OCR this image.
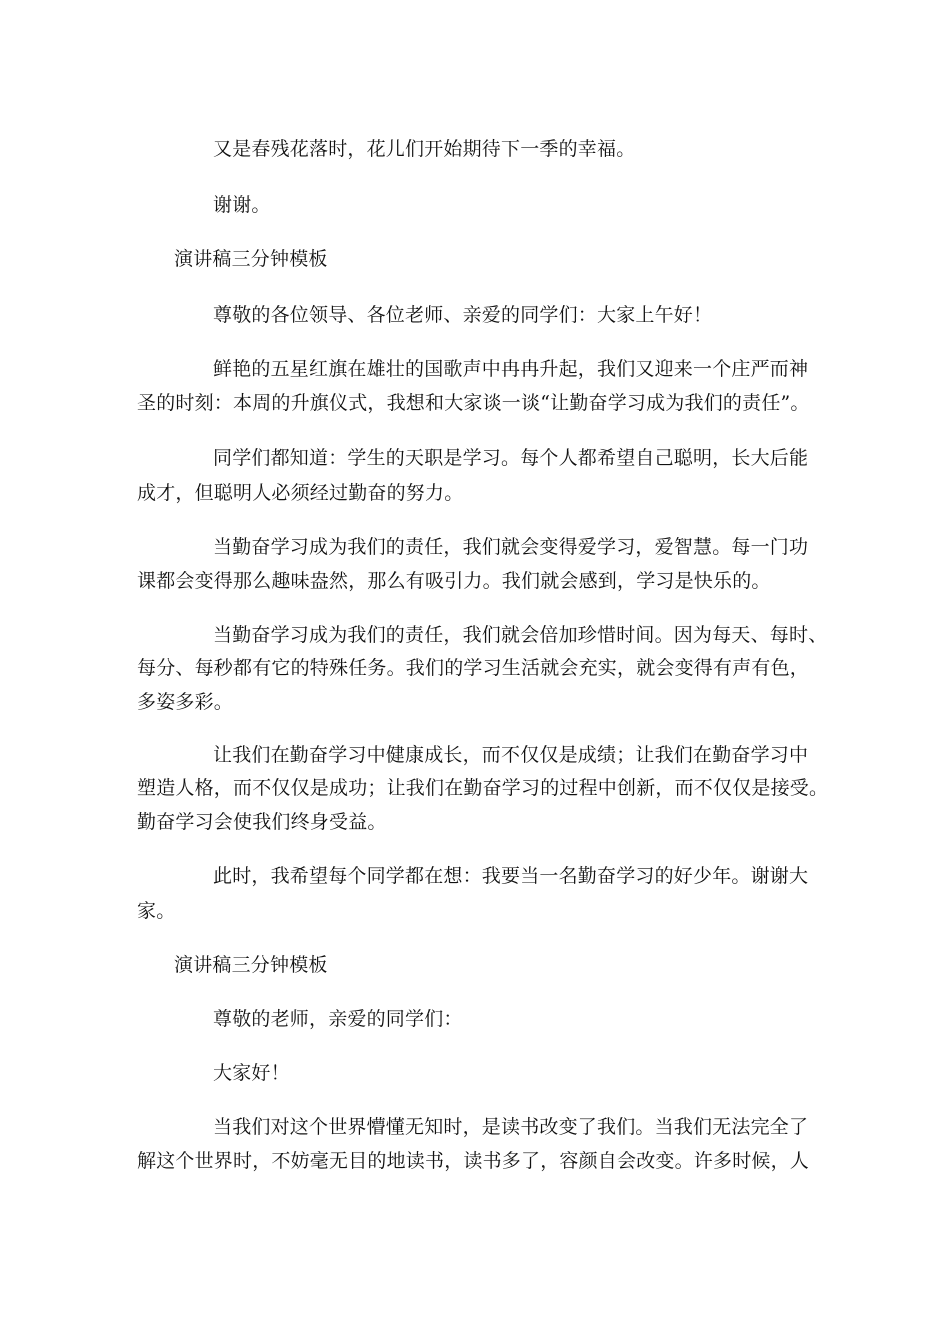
又是春残花落时，花儿们开始期待下一季的幸福。
谢谢。
演讲稿三分钟模板
尊敬的各位领导、各位老师、亲爱的同学们：大家上午好！
鲜艳的五星红旗在雄壮的国歌声中冉冉升起，我们又迎来一个庄严而神
圣的时刻：本周的升旗仪式，我想和大家谈一谈“让勤奋学习成为我们的责任”。
同学们都知道：学生的天职是学习。每个人都希望自己聪明，长大后能
成才，但聪明人必须经过勤奋的努力。
当勤奋学习成为我们的责任，我们就会变得爱学习，爱智慧。每一门功
课都会变得那么趣味盎然，那么有吸引力。我们就会感到，学习是快乐的。
当勤奋学习成为我们的责任，我们就会倍加珍惜时间。因为每天、每时、
每分、每秒都有它的特殊任务。我们的学习生活就会充实，就会变得有声有色，
多姿多彩。
让我们在勤奋学习中健康成长，而不仅仅是成绩；让我们在勤奋学习中
塑造人格，而不仅仅是成功；让我们在勤奋学习的过程中创新，而不仅仅是接受。
勤奋学习会使我们终身受益。
此时，我希望每个同学都在想：我要当一名勤奋学习的好少年。谢谢大
家。
演讲稿三分钟模板
尊敬的老师，亲爱的同学们：
大家好！
当我们对这个世界懵懂无知时，是读书改变了我们。当我们无法完全了
解这个世界时，不妨毫无目的地读书，读书多了，容颜自会改变。许多时候，人
